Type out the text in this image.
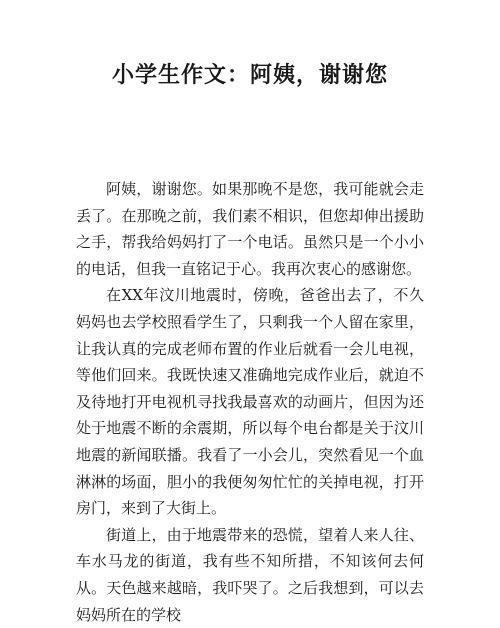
小学生作文：阿姨，谢谢您

阿姨，谢谢您。如果那晚不是您，我可能就会走丢了。在那晚之前，我们素不相识，但您却伸出援助之手，帮我给妈妈打了一个电话。虽然只是一个小小的电话，但我一直铭记于心。我再次衷心的感谢您。

在XX年汶川地震时，傍晚，爸爸出去了，不久妈妈也去学校照看学生了，只剩我一个人留在家里，让我认真的完成老师布置的作业后就看一会儿电视，等他们回来。我既快速又准确地完成作业后，就迫不及待地打开电视机寻找我最喜欢的动画片，但因为还处于地震不断的余震期，所以每个电台都是关于汶川地震的新闻联播。我看了一小会儿，突然看见一个血淋淋的场面，胆小的我便匆匆忙忙的关掉电视，打开房门，来到了大街上。

街道上，由于地震带来的恐慌，望着人来人往、车水马龙的街道，我有些不知所措，不知该何去何从。天色越来越暗，我吓哭了。之后我想到，可以去妈妈所在的学校
